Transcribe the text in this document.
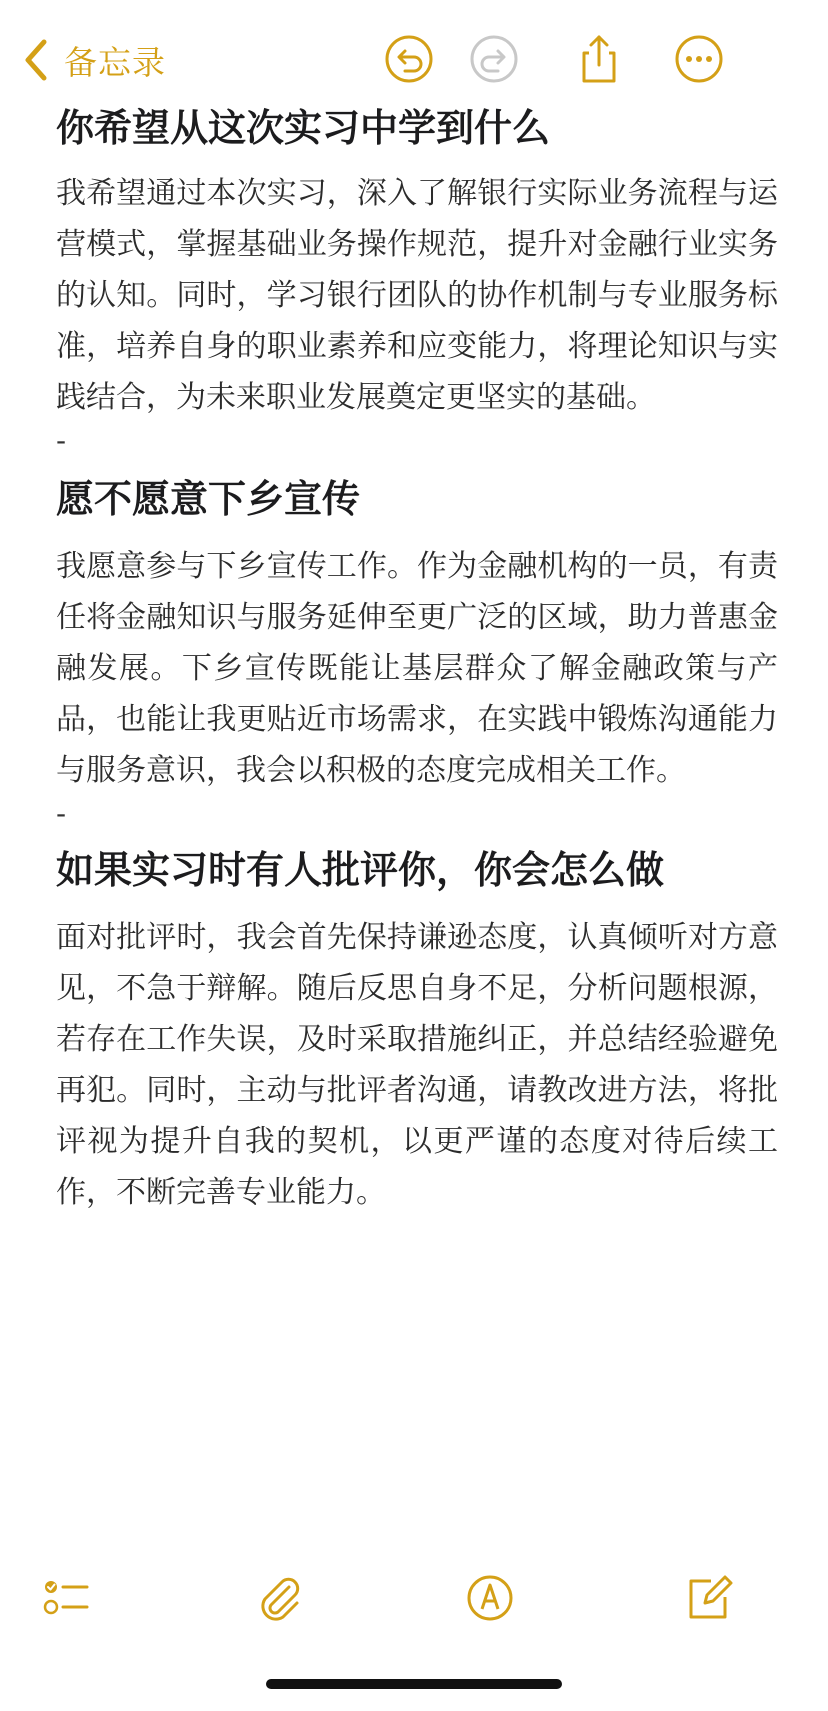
备忘录
你希望从这次实习中学到什么

我希望通过本次实习，深入了解银行实际业务流程与运营模式，掌握基础业务操作规范，提升对金融行业实务的认知。同时，学习银行团队的协作机制与专业服务标准，培养自身的职业素养和应变能力，将理论知识与实践结合，为未来职业发展奠定更坚实的基础。

-
愿不愿意下乡宣传

我愿意参与下乡宣传工作。作为金融机构的一员，有责任将金融知识与服务延伸至更广泛的区域，助力普惠金融发展。下乡宣传既能让基层群众了解金融政策与产品，也能让我更贴近市场需求，在实践中锻炼沟通能力与服务意识，我会以积极的态度完成相关工作。

-
如果实习时有人批评你，你会怎么做

面对批评时，我会首先保持谦逊态度，认真倾听对方意见，不急于辩解。随后反思自身不足，分析问题根源，若存在工作失误，及时采取措施纠正，并总结经验避免再犯。同时，主动与批评者沟通，请教改进方法，将批评视为提升自我的契机，以更严谨的态度对待后续工作，不断完善专业能力。
